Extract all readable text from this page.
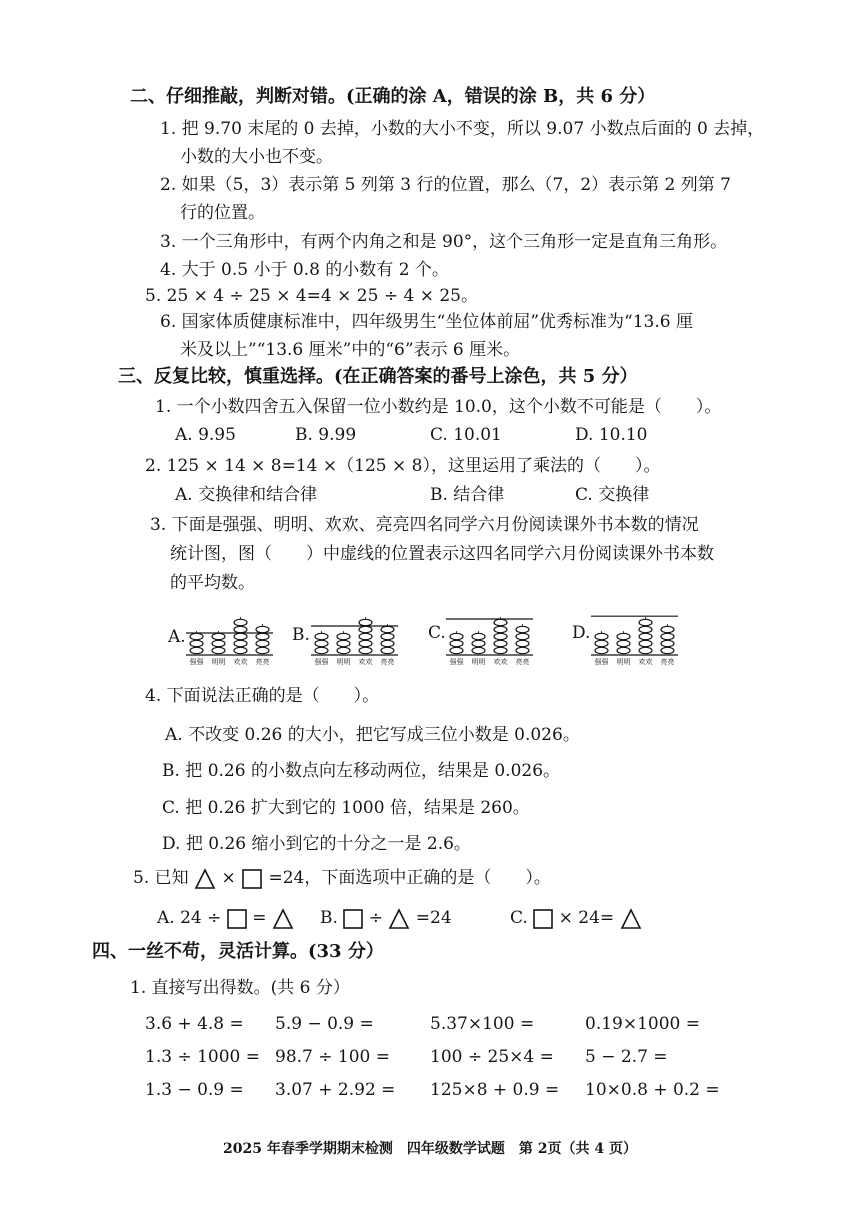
二、仔细推敲，判断对错。(正确的涂 A，错误的涂 B，共 6 分）
1. 把 9.70 末尾的 0 去掉，小数的大小不变，所以 9.07 小数点后面的 0 去掉，
小数的大小也不变。
2. 如果（5，3）表示第 5 列第 3 行的位置，那么（7，2）表示第 2 列第 7
行的位置。
3. 一个三角形中，有两个内角之和是 90°，这个三角形一定是直角三角形。
4. 大于 0.5 小于 0.8 的小数有 2 个。
5. 25 × 4 ÷ 25 × 4=4 × 25 ÷ 4 × 25。
6. 国家体质健康标准中，四年级男生“坐位体前屈”优秀标准为“13.6 厘
米及以上”“13.6 厘米”中的“6”表示 6 厘米。
三、反复比较，慎重选择。(在正确答案的番号上涂色，共 5 分）
1. 一个小数四舍五入保留一位小数约是 10.0，这个小数不可能是（　　）。
A. 9.95	B. 9.99	C. 10.01	D. 10.10
2. 125 × 14 × 8=14 ×（125 × 8），这里运用了乘法的（　　）。
A. 交换律和结合律	B. 结合律	C. 交换律
3. 下面是强强、明明、欢欢、亮亮四名同学六月份阅读课外书本数的情况
统计图，图（　　）中虚线的位置表示这四名同学六月份阅读课外书本数
的平均数。
强强 明明 欢欢 亮亮	强强 明明 欢欢 亮亮	强强 明明 欢欢 亮亮	强强 明明 欢欢 亮亮
A.	B.	C.	D.
4. 下面说法正确的是（　　）。
A. 不改变 0.26 的大小，把它写成三位小数是 0.026。
B. 把 0.26 的小数点向左移动两位，结果是 0.026。
C. 把 0.26 扩大到它的 1000 倍，结果是 260。
D. 把 0.26 缩小到它的十分之一是 2.6。
5. 已知 × =24，下面选项中正确的是（　　）。
A. 24 ÷ =	B. ÷ =24	C. × 24=
四、一丝不苟，灵活计算。(33 分）
1. 直接写出得数。(共 6 分）
3.6 + 4.8 = 5.9 − 0.9 =	5.37×100 =	0.19×1000 =
1.3 ÷ 1000 = 98.7 ÷ 100 = 100 ÷ 25×4 = 5 − 2.7 =
1.3 − 0.9 = 3.07 + 2.92 = 125×8 + 0.9 = 10×0.8 + 0.2 =
2025 年春季学期期末检测　四年级数学试题　第 2页（共 4 页）
